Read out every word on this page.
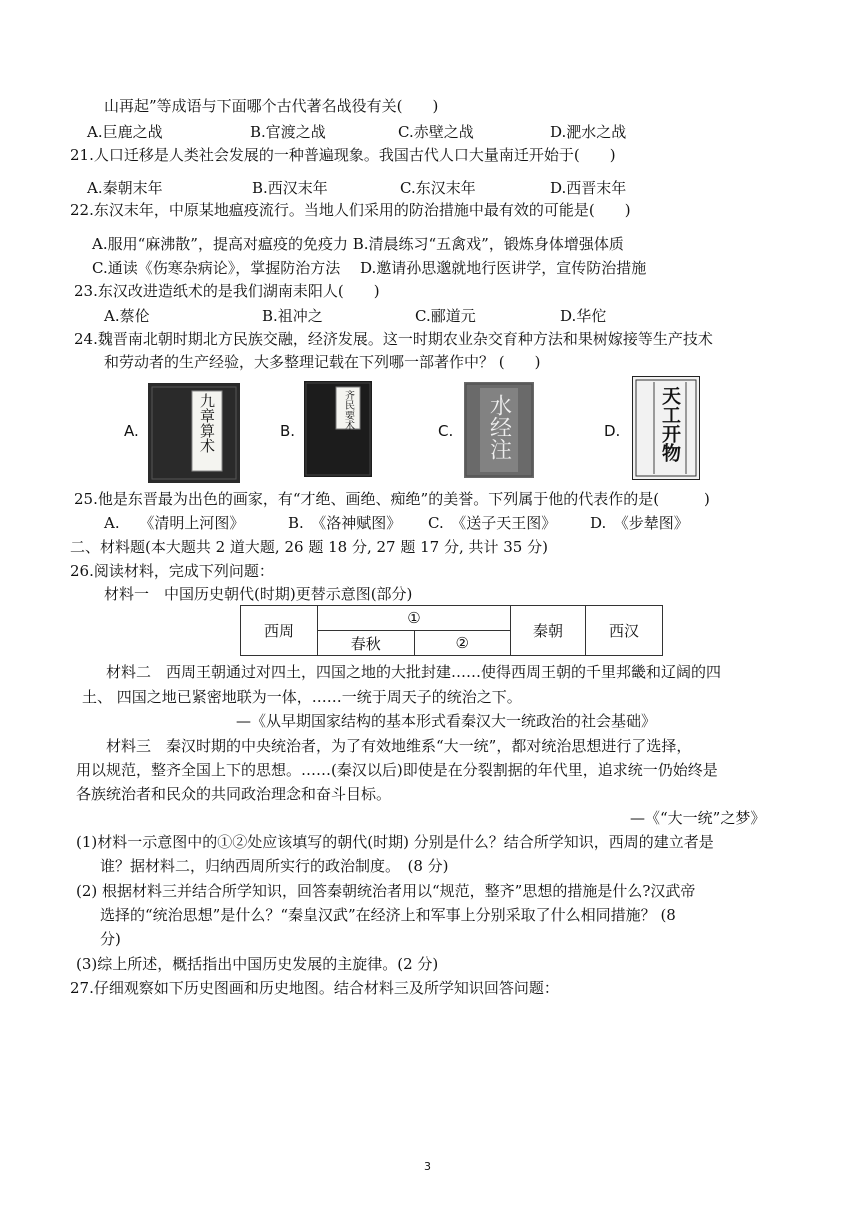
山再起”等成语与下面哪个古代著名战役有关(　　)
A.巨鹿之战	B.官渡之战	C.赤壁之战	D.淝水之战
21.人口迁移是人类社会发展的一种普遍现象。我国古代人口大量南迁开始于(　　)
A.秦朝末年	B.西汉末年	C.东汉末年	D.西晋末年
22.东汉末年，中原某地瘟疫流行。当地人们采用的防治措施中最有效的可能是(　　)
A.服用“麻沸散”，提高对瘟疫的免疫力 B.清晨练习“五禽戏”，锻炼身体增强体质
C.通读《伤寒杂病论》，掌握防治方法　 D.邀请孙思邈就地行医讲学，宣传防治措施
23.东汉改进造纸术的是我们湖南耒阳人(　　)
A.蔡伦	B.祖冲之	C.郦道元	D.华佗
24.魏晋南北朝时期北方民族交融，经济发展。这一时期农业杂交育种方法和果树嫁接等生产技术
和劳动者的生产经验，大多整理记载在下列哪一部著作中？ (　　)
A.	九章算术	B.
齐民要术
C. 水经注	D. 天工开物
25.他是东晋最为出色的画家，有“才绝、画绝、痴绝”的美誉。下列属于他的代表作的是(　　　)
A.　 《清明上河图》	B.　《洛神赋图》 C.　《送子天王图》 D.　《步辇图》
二、材料题(本大题共 2 道大题, 26 题 18 分, 27 题 17 分, 共计 35 分)
26.阅读材料，完成下列问题：
材料一　中国历史朝代(时期)更替示意图(部分)
西周	①		秦朝	西汉
	春秋	②		
材料二　西周王朝通过对四土，四国之地的大批封建……使得西周王朝的千里邦畿和辽阔的四
土、 四国之地已紧密地联为一体，……一统于周天子的统治之下。
—《从早期国家结构的基本形式看秦汉大一统政治的社会基础》
材料三　秦汉时期的中央统治者，为了有效地维系“大一统”，都对统治思想进行了选择，
用以规范，整齐全国上下的思想。……(秦汉以后)即使是在分裂割据的年代里，追求统一仍始终是
各族统治者和民众的共同政治理念和奋斗目标。
—《“大一统”之梦》
(1)材料一示意图中的①②处应该填写的朝代(时期) 分别是什么？结合所学知识，西周的建立者是
谁？据材料二，归纳西周所实行的政治制度。　(8 分)
(2) 根据材料三并结合所学知识，回答秦朝统治者用以“规范，整齐”思想的措施是什么?汉武帝
选择的“统治思想”是什么？“秦皇汉武”在经济上和军事上分别采取了什么相同措施？ (8
分)
(3)综上所述，概括指出中国历史发展的主旋律。(2 分)
27.仔细观察如下历史图画和历史地图。结合材料三及所学知识回答问题：
3
